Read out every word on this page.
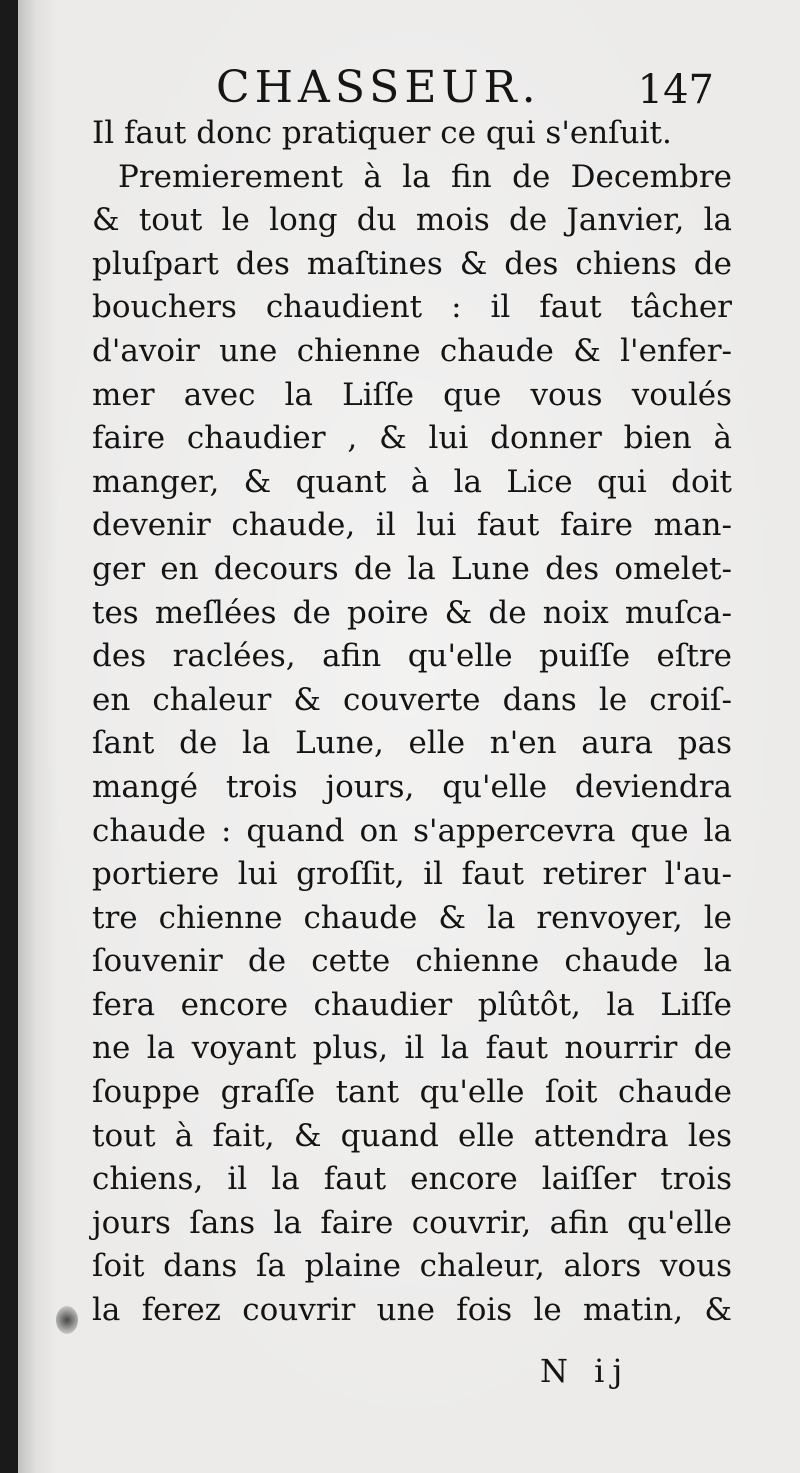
CHASSEUR. 147
Il faut donc pratiquer ce qui s'enſuit.
Premierement à la fin de Decembre
& tout le long du mois de Janvier, la
pluſpart des maſtines & des chiens de
bouchers chaudient : il faut tâcher
d'avoir une chienne chaude & l'enfer-
mer avec la Liſſe que vous voulés
faire chaudier , & lui donner bien à
manger, & quant à la Lice qui doit
devenir chaude, il lui faut faire man-
ger en decours de la Lune des omelet-
tes meſlées de poire & de noix muſca-
des raclées, afin qu'elle puiſſe eſtre
en chaleur & couverte dans le croiſ-
ſant de la Lune, elle n'en aura pas
mangé trois jours, qu'elle deviendra
chaude : quand on s'appercevra que la
portiere lui groſſit, il faut retirer l'au-
tre chienne chaude & la renvoyer, le
ſouvenir de cette chienne chaude la
fera encore chaudier plûtôt, la Liſſe
ne la voyant plus, il la faut nourrir de
ſouppe graſſe tant qu'elle ſoit chaude
tout à fait, & quand elle attendra les
chiens, il la faut encore laiſſer trois
jours ſans la faire couvrir, afin qu'elle
ſoit dans ſa plaine chaleur, alors vous
la ferez couvrir une fois le matin, &
N ij
